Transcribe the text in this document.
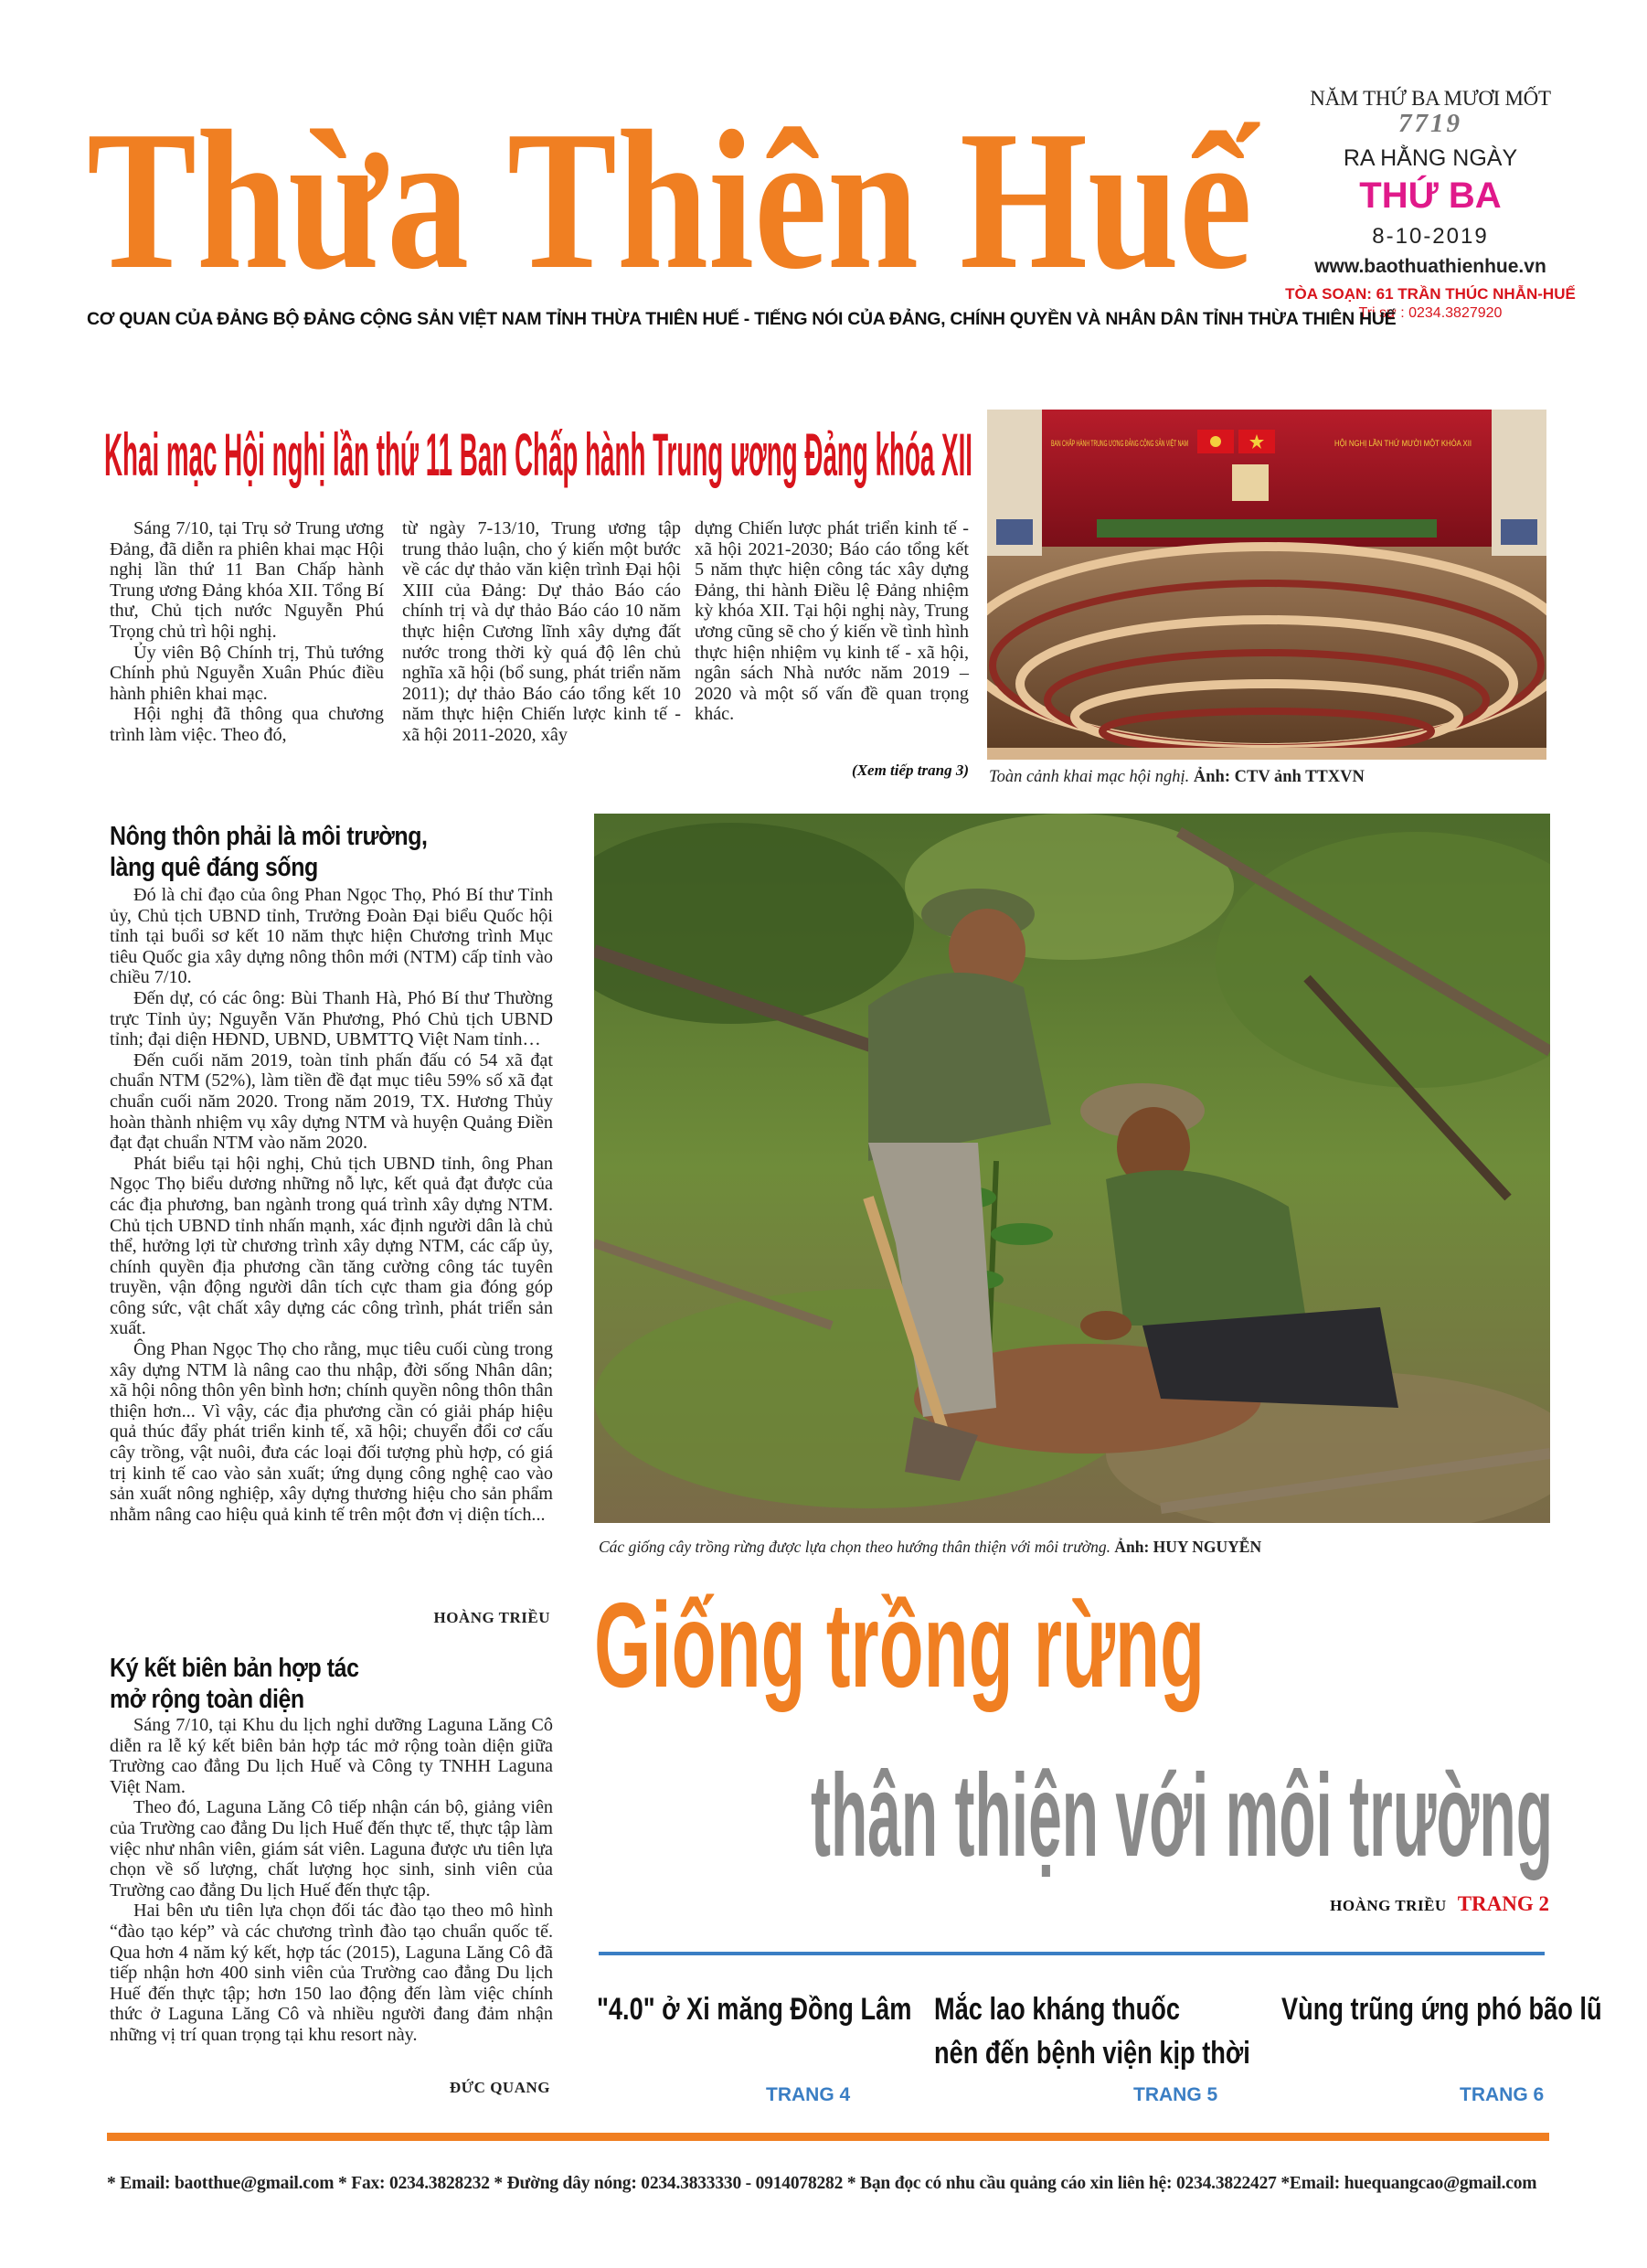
Thừa Thiên Huế	NĂM THỨ BA MƯƠI MỐT
7719
RA HẰNG NGÀY
THỨ BA
8-10-2019
www.baothuathienhue.vn
TÒA SOẠN: 61 TRẦN THÚC NHẪN-HUẾ
Trị sự : 0234.3827920
CƠ QUAN CỦA ĐẢNG BỘ ĐẢNG CỘNG SẢN VIỆT NAM TỈNH THỪA THIÊN HUẾ - TIẾNG NÓI CỦA ĐẢNG, CHÍNH QUYỀN VÀ NHÂN DÂN TỈNH THỪA THIÊN HUẾ
Khai mạc Hội nghị lần thứ 11 Ban Chấp hành Trung ương Đảng khóa XII

Sáng 7/10, tại Trụ sở Trung ương Đảng, đã diễn ra phiên khai mạc Hội nghị lần thứ 11 Ban Chấp hành Trung ương Đảng khóa XII. Tổng Bí thư, Chủ tịch nước Nguyễn Phú Trọng chủ trì hội nghị.

Ủy viên Bộ Chính trị, Thủ tướng Chính phủ Nguyễn Xuân Phúc điều hành phiên khai mạc.

Hội nghị đã thông qua chương trình làm việc. Theo đó,

từ ngày 7-13/10, Trung ương tập trung thảo luận, cho ý kiến một bước về các dự thảo văn kiện trình Đại hội XIII của Đảng: Dự thảo Báo cáo chính trị và dự thảo Báo cáo 10 năm thực hiện Cương lĩnh xây dựng đất nước trong thời kỳ quá độ lên chủ nghĩa xã hội (bổ sung, phát triển năm 2011); dự thảo Báo cáo tổng kết 10 năm thực hiện Chiến lược kinh tế - xã hội 2011-2020, xây
dựng Chiến lược phát triển kinh tế - xã hội 2021-2030; Báo cáo tổng kết 5 năm thực hiện công tác xây dựng Đảng, thi hành Điều lệ Đảng nhiệm kỳ khóa XII. Tại hội nghị này, Trung ương cũng sẽ cho ý kiến về tình hình thực hiện nhiệm vụ kinh tế - xã hội, ngân sách Nhà nước năm 2019 – 2020 và một số vấn đề quan trọng khác.
(Xem tiếp trang 3)
BAN CHẤP HÀNH TRUNG ƯƠNG ĐẢNG CỘNG SẢN VIỆT NAM	HỘI NGHỊ LẦN THỨ MƯỜI MỘT KHÓA XII
Toàn cảnh khai mạc hội nghị. Ảnh: CTV ảnh TTXVN
Nông thôn phải là môi trường,
làng quê đáng sống

Đó là chỉ đạo của ông Phan Ngọc Thọ, Phó Bí thư Tỉnh ủy, Chủ tịch UBND tỉnh, Trưởng Đoàn Đại biểu Quốc hội tỉnh tại buổi sơ kết 10 năm thực hiện Chương trình Mục tiêu Quốc gia xây dựng nông thôn mới (NTM) cấp tỉnh vào chiều 7/10.

Đến dự, có các ông: Bùi Thanh Hà, Phó Bí thư Thường trực Tỉnh ủy; Nguyễn Văn Phương, Phó Chủ tịch UBND tỉnh; đại diện HĐND, UBND, UBMTTQ Việt Nam tỉnh…

Đến cuối năm 2019, toàn tỉnh phấn đấu có 54 xã đạt chuẩn NTM (52%), làm tiền đề đạt mục tiêu 59% số xã đạt chuẩn cuối năm 2020. Trong năm 2019, TX. Hương Thủy hoàn thành nhiệm vụ xây dựng NTM và huyện Quảng Điền đạt đạt chuẩn NTM vào năm 2020.

Phát biểu tại hội nghị, Chủ tịch UBND tỉnh, ông Phan Ngọc Thọ biểu dương những nỗ lực, kết quả đạt được của các địa phương, ban ngành trong quá trình xây dựng NTM. Chủ tịch UBND tỉnh nhấn mạnh, xác định người dân là chủ thể, hưởng lợi từ chương trình xây dựng NTM, các cấp ủy, chính quyền địa phương cần tăng cường công tác tuyên truyền, vận động người dân tích cực tham gia đóng góp công sức, vật chất xây dựng các công trình, phát triển sản xuất.

Ông Phan Ngọc Thọ cho rằng, mục tiêu cuối cùng trong xây dựng NTM là nâng cao thu nhập, đời sống Nhân dân; xã hội nông thôn yên bình hơn; chính quyền nông thôn thân thiện hơn... Vì vậy, các địa phương cần có giải pháp hiệu quả thúc đẩy phát triển kinh tế, xã hội; chuyển đổi cơ cấu cây trồng, vật nuôi, đưa các loại đối tượng phù hợp, có giá trị kinh tế cao vào sản xuất; ứng dụng công nghệ cao vào sản xuất nông nghiệp, xây dựng thương hiệu cho sản phẩm nhằm nâng cao hiệu quả kinh tế trên một đơn vị diện tích...

HOÀNG TRIỀU
Ký kết biên bản hợp tác
mở rộng toàn diện

Sáng 7/10, tại Khu du lịch nghỉ dưỡng Laguna Lăng Cô diễn ra lễ ký kết biên bản hợp tác mở rộng toàn diện giữa Trường cao đẳng Du lịch Huế và Công ty TNHH Laguna Việt Nam.

Theo đó, Laguna Lăng Cô tiếp nhận cán bộ, giảng viên của Trường cao đẳng Du lịch Huế đến thực tế, thực tập làm việc như nhân viên, giám sát viên. Laguna được ưu tiên lựa chọn về số lượng, chất lượng học sinh, sinh viên của Trường cao đẳng Du lịch Huế đến thực tập.

Hai bên ưu tiên lựa chọn đối tác đào tạo theo mô hình “đào tạo kép” và các chương trình đào tạo chuẩn quốc tế. Qua hơn 4 năm ký kết, hợp tác (2015), Laguna Lăng Cô đã tiếp nhận hơn 400 sinh viên của Trường cao đẳng Du lịch Huế đến thực tập; hơn 150 lao động đến làm việc chính thức ở Laguna Lăng Cô và nhiều người đang đảm nhận những vị trí quan trọng tại khu resort này.

ĐỨC QUANG
Các giống cây trồng rừng được lựa chọn theo hướng thân thiện với môi trường. Ảnh: HUY NGUYỄN
Giống trồng rừng
thân thiện với môi trường
HOÀNG TRIỀU TRANG 2
"4.0" ở Xi măng Đồng Lâm
TRANG 4
Mắc lao kháng thuốc
nên đến bệnh viện kịp thời
TRANG 5
Vùng trũng ứng phó bão lũ
TRANG 6
* Email: baotthue@gmail.com * Fax: 0234.3828232 * Đường dây nóng: 0234.3833330 - 0914078282 * Bạn đọc có nhu cầu quảng cáo xin liên hệ: 0234.3822427 *Email: huequangcao@gmail.com
